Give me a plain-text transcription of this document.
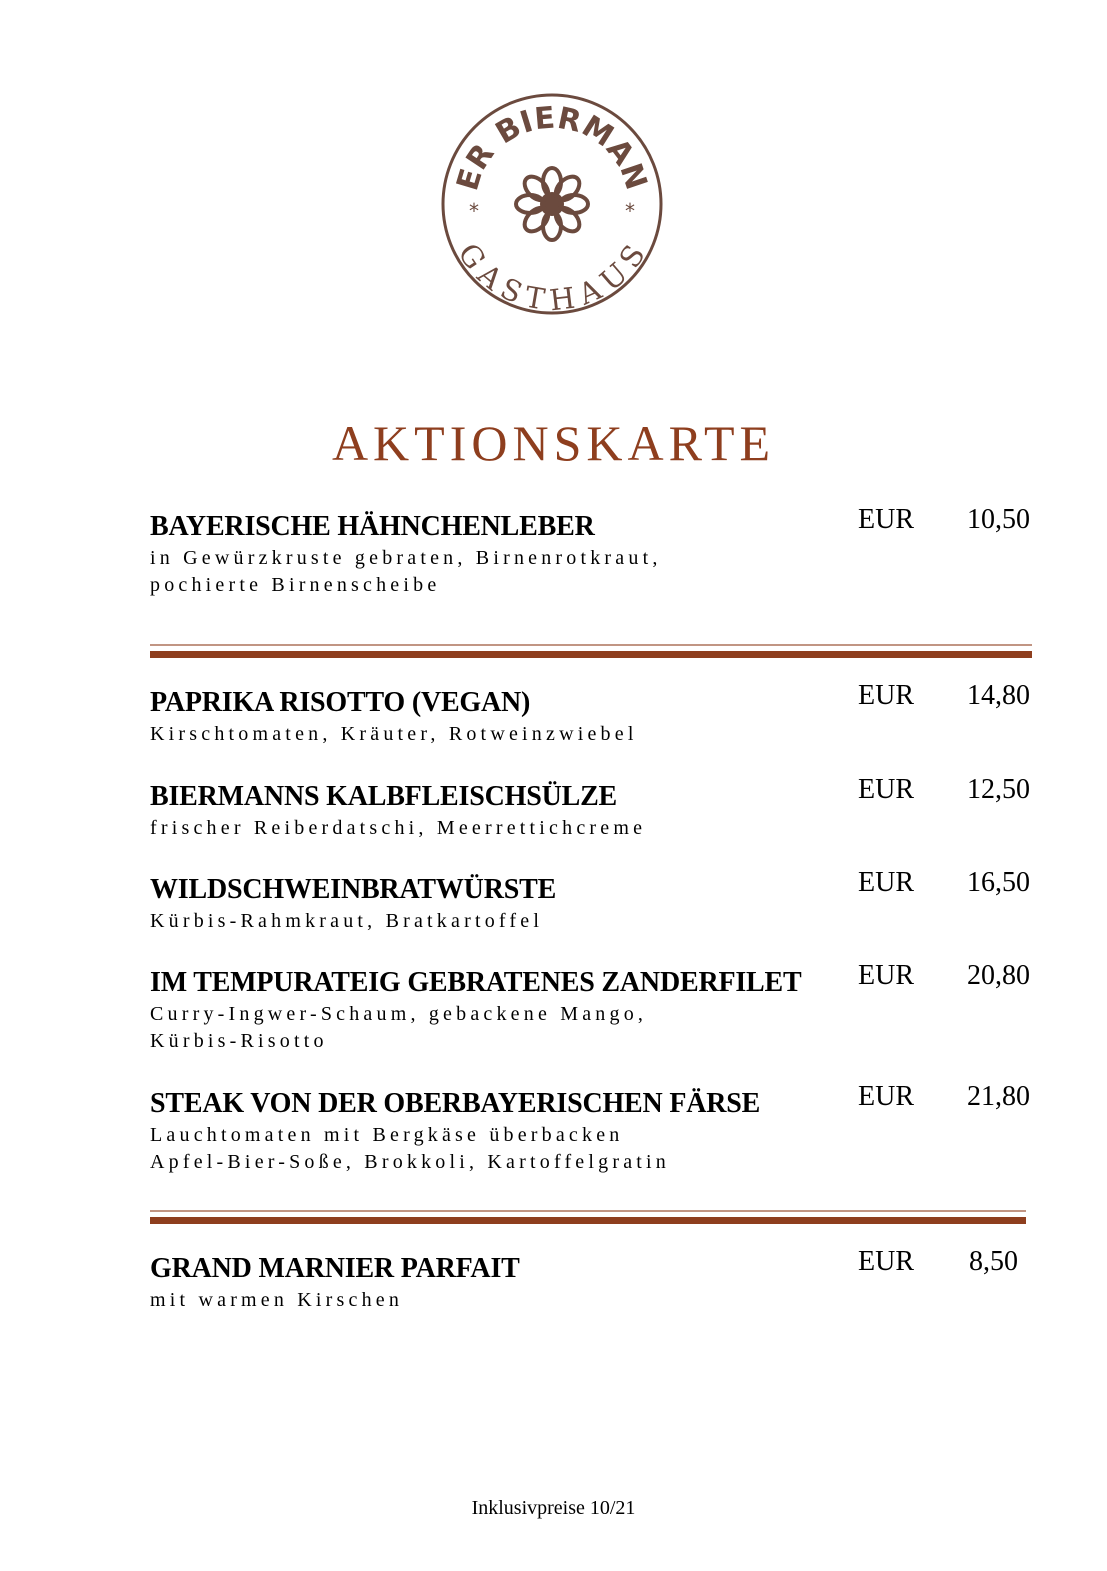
ER BIERMAN
GASTHAUS
*	*
AKTIONSKARTE
BAYERISCHE HÄHNCHENLEBER
in Gewürzkruste gebraten, Birnenrotkraut,
pochierte Birnenscheibe
EUR 10,50
PAPRIKA RISOTTO (VEGAN)
Kirschtomaten, Kräuter, Rotweinzwiebel
EUR 14,80
BIERMANNS KALBFLEISCHSÜLZE
frischer Reiberdatschi, Meerrettichcreme
EUR 12,50
WILDSCHWEINBRATWÜRSTE
Kürbis-Rahmkraut, Bratkartoffel
EUR 16,50
IM TEMPURATEIG GEBRATENES ZANDERFILET
Curry-Ingwer-Schaum, gebackene Mango,
Kürbis-Risotto
EUR 20,80
STEAK VON DER OBERBAYERISCHEN FÄRSE
Lauchtomaten mit Bergkäse überbacken
Apfel-Bier-Soße, Brokkoli, Kartoffelgratin
EUR 21,80
GRAND MARNIER PARFAIT
mit warmen Kirschen
EUR 8,50
Inklusivpreise 10/21
